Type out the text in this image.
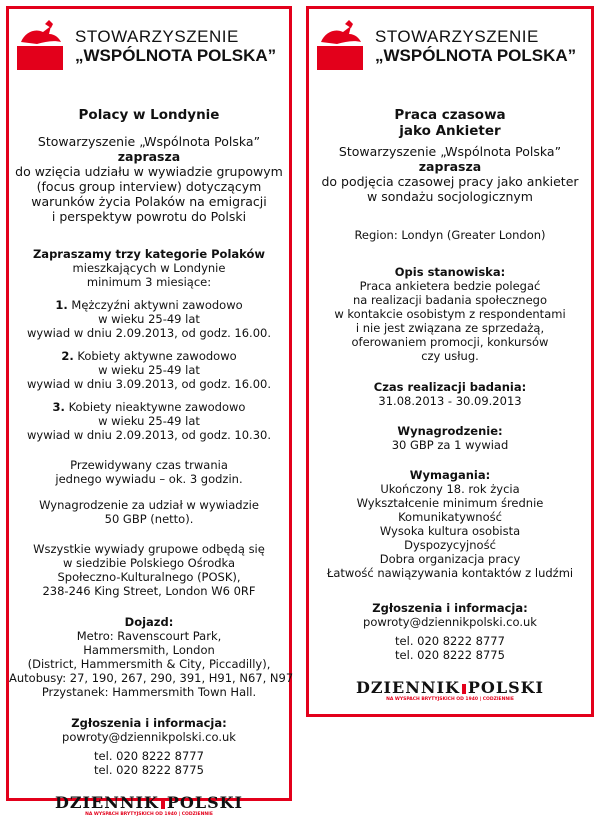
STOWARZYSZENIE
„WSPÓLNOTA POLSKA”
Polacy w Londynie
Stowarzyszenie „Wspólnota Polska”
zaprasza
do wzięcia udziału w wywiadzie grupowym
(focus group interview) dotyczącym
warunków życia Polaków na emigracji
i perspektyw powrotu do Polski
Zapraszamy trzy kategorie Polaków
mieszkających w Londynie
minimum 3 miesiące:
1. Mężczyźni aktywni zawodowo
w wieku 25-49 lat
wywiad w dniu 2.09.2013, od godz. 16.00.
2. Kobiety aktywne zawodowo
w wieku 25-49 lat
wywiad w dniu 3.09.2013, od godz. 16.00.
3. Kobiety nieaktywne zawodowo
w wieku 25-49 lat
wywiad w dniu 2.09.2013, od godz. 10.30.
Przewidywany czas trwania
jednego wywiadu – ok. 3 godzin.
Wynagrodzenie za udział w wywiadzie
50 GBP (netto).
Wszystkie wywiady grupowe odbędą się
w siedzibie Polskiego Ośrodka
Społeczno-Kulturalnego (POSK),
238-246 King Street, London W6 0RF
Dojazd:
Metro: Ravenscourt Park,
Hammersmith, London
(District, Hammersmith & City, Piccadilly),
Autobusy: 27, 190, 267, 290, 391, H91, N67, N97
Przystanek: Hammersmith Town Hall.
Zgłoszenia i informacja:
powroty@dziennikpolski.co.uk
tel. 020 8222 8777
tel. 020 8222 8775
DZIENNIK POLSKI
NA WYSPACH BRYTYJSKICH OD 1940 | CODZIENNIE
STOWARZYSZENIE
„WSPÓLNOTA POLSKA”
Praca czasowa
jako Ankieter
Stowarzyszenie „Wspólnota Polska”
zaprasza
do podjęcia czasowej pracy jako ankieter
w sondażu socjologicznym
Region: Londyn (Greater London)
Opis stanowiska:
Praca ankietera bedzie polegać
na realizacji badania społecznego
w kontakcie osobistym z respondentami
i nie jest związana ze sprzedażą,
oferowaniem promocji, konkursów
czy usług.
Czas realizacji badania:
31.08.2013 - 30.09.2013
Wynagrodzenie:
30 GBP za 1 wywiad
Wymagania:
Ukończony 18. rok życia
Wykształcenie minimum średnie
Komunikatywność
Wysoka kultura osobista
Dyspozycyjność
Dobra organizacja pracy
Łatwość nawiązywania kontaktów z ludźmi
Zgłoszenia i informacja:
powroty@dziennikpolski.co.uk
tel. 020 8222 8777
tel. 020 8222 8775
DZIENNIK POLSKI
NA WYSPACH BRYTYJSKICH OD 1940 | CODZIENNIE
